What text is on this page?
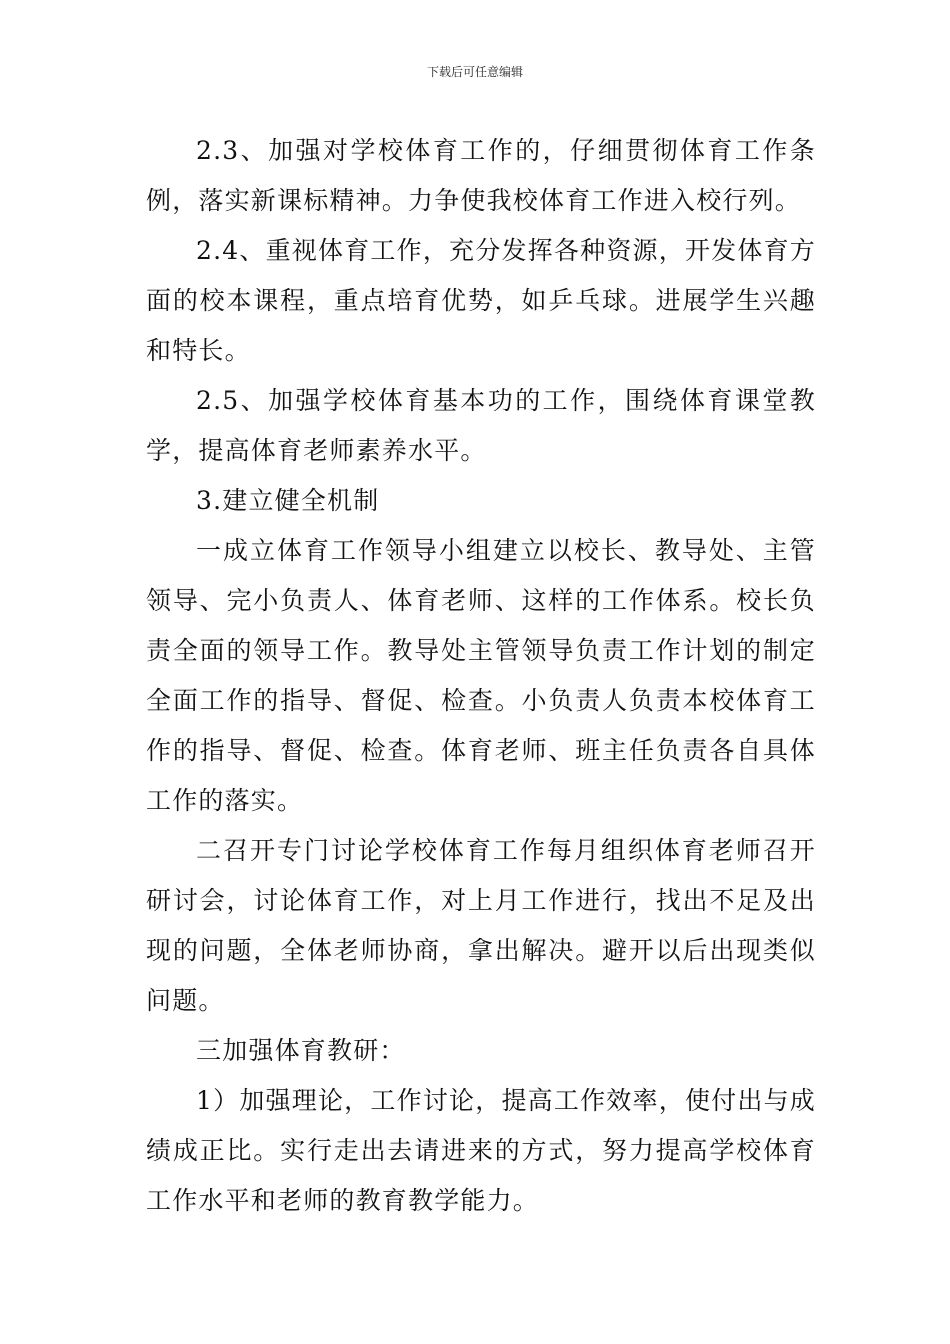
下载后可任意编辑

2.3、加强对学校体育工作的，仔细贯彻体育工作条例，落实新课标精神。力争使我校体育工作进入校行列。

2.4、重视体育工作，充分发挥各种资源，开发体育方面的校本课程，重点培育优势，如乒乓球。进展学生兴趣和特长。

2.5、加强学校体育基本功的工作，围绕体育课堂教学，提高体育老师素养水平。

3.建立健全机制

一成立体育工作领导小组建立以校长、教导处、主管领导、完小负责人、体育老师、这样的工作体系。校长负责全面的领导工作。教导处主管领导负责工作计划的制定全面工作的指导、督促、检查。小负责人负责本校体育工作的指导、督促、检查。体育老师、班主任负责各自具体工作的落实。

二召开专门讨论学校体育工作每月组织体育老师召开研讨会，讨论体育工作，对上月工作进行，找出不足及出现的问题，全体老师协商，拿出解决。避开以后出现类似问题。

三加强体育教研：

1）加强理论，工作讨论，提高工作效率，使付出与成绩成正比。实行走出去请进来的方式，努力提高学校体育工作水平和老师的教育教学能力。
